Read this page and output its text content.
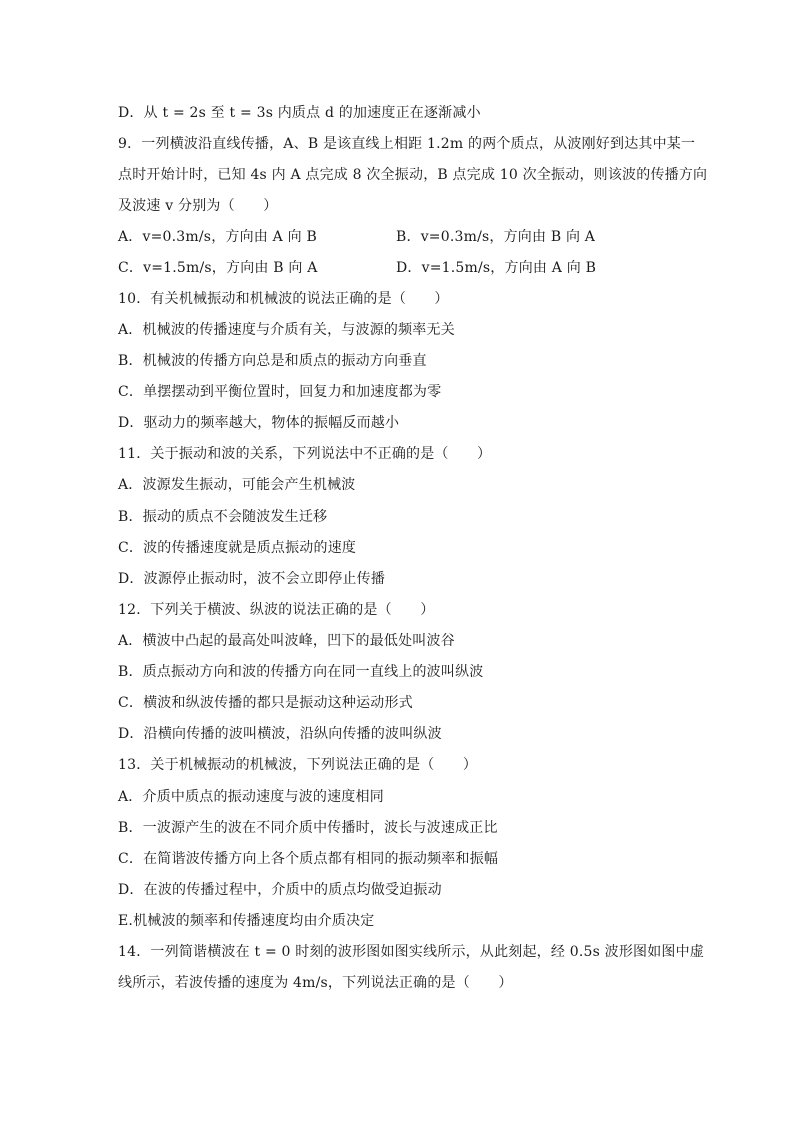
D．从 t = 2s 至 t = 3s 内质点 d 的加速度正在逐渐减小
9．一列横波沿直线传播，A、B 是该直线上相距 1.2m 的两个质点，从波刚好到达其中某一
点时开始计时，已知 4s 内 A 点完成 8 次全振动，B 点完成 10 次全振动，则该波的传播方向
及波速 v 分别为（　　）
A．v=0.3m/s，方向由 A 向 B	B．v=0.3m/s，方向由 B 向 A
C．v=1.5m/s，方向由 B 向 A	D．v=1.5m/s，方向由 A 向 B
10．有关机械振动和机械波的说法正确的是（　　）
A．机械波的传播速度与介质有关，与波源的频率无关
B．机械波的传播方向总是和质点的振动方向垂直
C．单摆摆动到平衡位置时，回复力和加速度都为零
D．驱动力的频率越大，物体的振幅反而越小
11．关于振动和波的关系，下列说法中不正确的是（　　）
A．波源发生振动，可能会产生机械波
B．振动的质点不会随波发生迁移
C．波的传播速度就是质点振动的速度
D．波源停止振动时，波不会立即停止传播
12．下列关于横波、纵波的说法正确的是（　　）
A．横波中凸起的最高处叫波峰，凹下的最低处叫波谷
B．质点振动方向和波的传播方向在同一直线上的波叫纵波
C．横波和纵波传播的都只是振动这种运动形式
D．沿横向传播的波叫横波，沿纵向传播的波叫纵波
13．关于机械振动的机械波，下列说法正确的是（　　）
A．介质中质点的振动速度与波的速度相同
B．一波源产生的波在不同介质中传播时，波长与波速成正比
C．在简谐波传播方向上各个质点都有相同的振动频率和振幅
D．在波的传播过程中，介质中的质点均做受迫振动
E.机械波的频率和传播速度均由介质决定
14．一列简谐横波在 t = 0 时刻的波形图如图实线所示，从此刻起，经 0.5s 波形图如图中虚
线所示，若波传播的速度为 4m/s，下列说法正确的是（　　）
